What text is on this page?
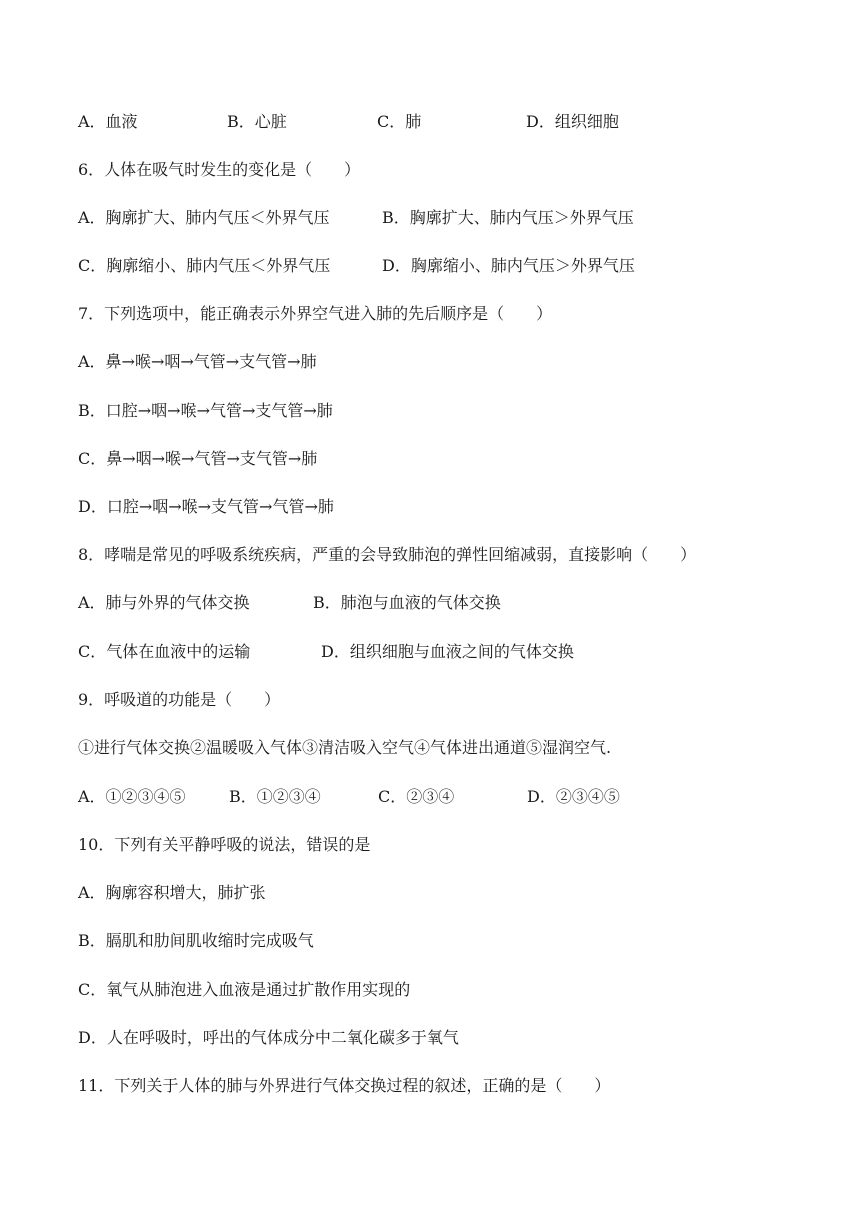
A．血液	B．心脏	C．肺	D．组织细胞
6．人体在吸气时发生的变化是（　　）
A．胸廓扩大、肺内气压＜外界气压	B．胸廓扩大、肺内气压＞外界气压
C．胸廓缩小、肺内气压＜外界气压	D．胸廓缩小、肺内气压＞外界气压
7．下列选项中，能正确表示外界空气进入肺的先后顺序是（　　）
A．鼻→喉→咽→气管→支气管→肺
B．口腔→咽→喉→气管→支气管→肺
C．鼻→咽→喉→气管→支气管→肺
D．口腔→咽→喉→支气管→气管→肺
8．哮喘是常见的呼吸系统疾病，严重的会导致肺泡的弹性回缩减弱，直接影响（　　）
A．肺与外界的气体交换	B．肺泡与血液的气体交换
C．气体在血液中的运输	D．组织细胞与血液之间的气体交换
9．呼吸道的功能是（　　）
①进行气体交换②温暖吸入气体③清洁吸入空气④气体进出通道⑤湿润空气.
A．①②③④⑤	B．①②③④	C．②③④	D．②③④⑤
10．下列有关平静呼吸的说法，错误的是
A．胸廓容积增大，肺扩张
B．膈肌和肋间肌收缩时完成吸气
C．氧气从肺泡进入血液是通过扩散作用实现的
D．人在呼吸时，呼出的气体成分中二氧化碳多于氧气
11．下列关于人体的肺与外界进行气体交换过程的叙述，正确的是（　　）
